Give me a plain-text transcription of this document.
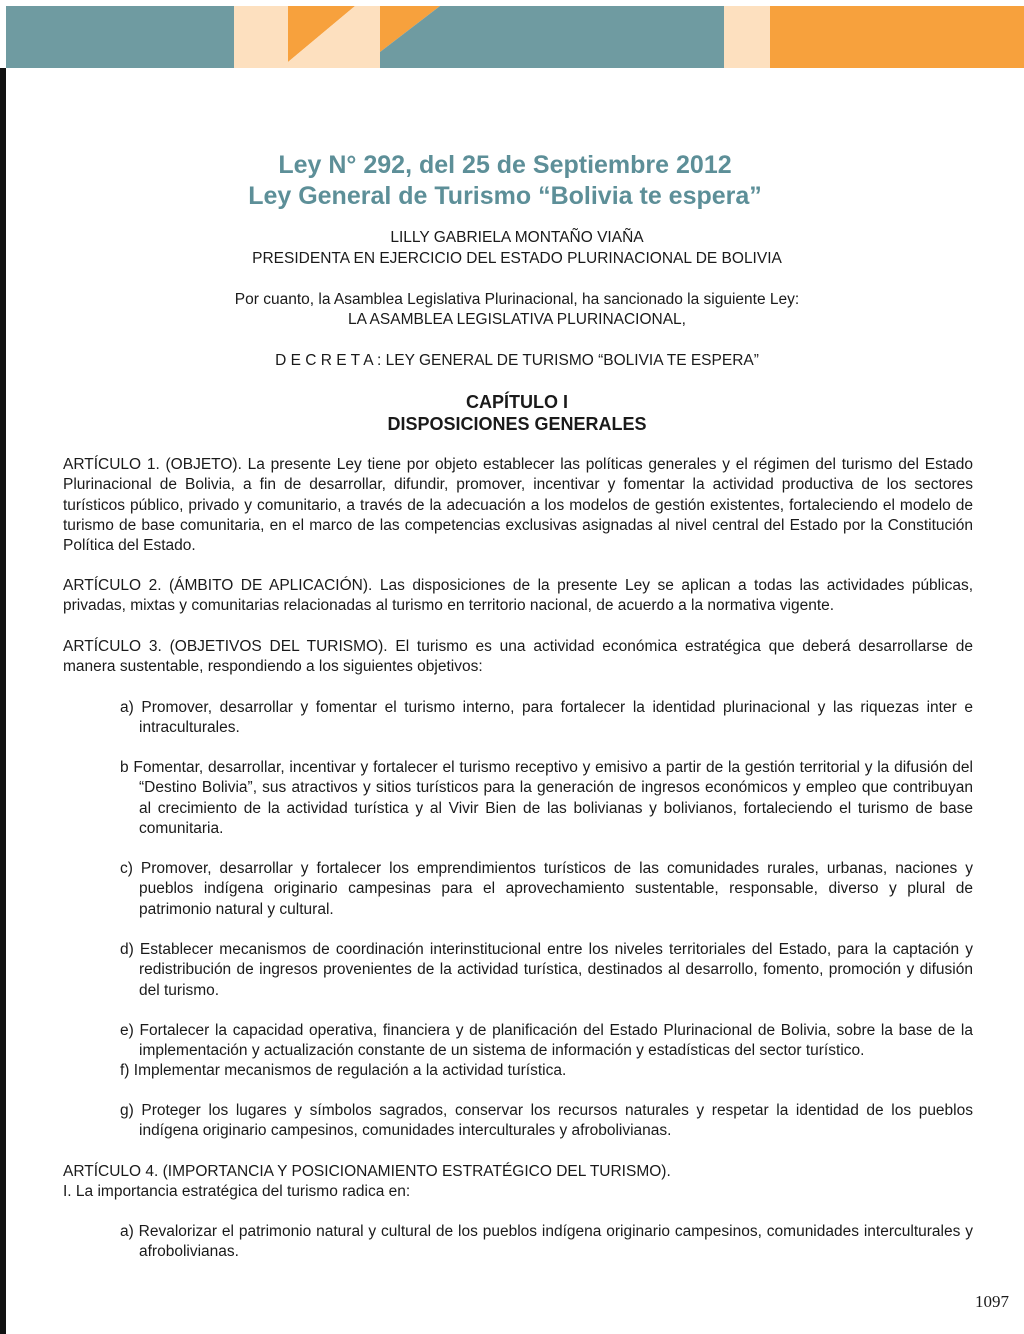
Ley N° 292, del 25 de Septiembre 2012
Ley General de Turismo “Bolivia te espera”
LILLY GABRIELA MONTAÑO VIAÑA
PRESIDENTA EN EJERCICIO DEL ESTADO PLURINACIONAL DE BOLIVIA
Por cuanto, la Asamblea Legislativa Plurinacional, ha sancionado la siguiente Ley:
LA ASAMBLEA LEGISLATIVA PLURINACIONAL,
D E C R E T A : LEY GENERAL DE TURISMO “BOLIVIA TE ESPERA”
CAPÍTULO I
DISPOSICIONES GENERALES
ARTÍCULO 1. (OBJETO). La presente Ley tiene por objeto establecer las políticas generales y el régimen del turismo del Estado Plurinacional de Bolivia, a fin de desarrollar, difundir, promover, incentivar y fomentar la actividad productiva de los sectores turísticos público, privado y comunitario, a través de la adecuación a los modelos de gestión existentes, fortaleciendo el modelo de turismo de base comunitaria, en el marco de las competencias exclusivas asignadas al nivel central del Estado por la Constitución Política del Estado.
ARTÍCULO 2. (ÁMBITO DE APLICACIÓN). Las disposiciones de la presente Ley se aplican a todas las actividades públicas, privadas, mixtas y comunitarias relacionadas al turismo en territorio nacional, de acuerdo a la normativa vigente.
ARTÍCULO 3. (OBJETIVOS DEL TURISMO). El turismo es una actividad económica estratégica que deberá desarrollarse de manera sustentable, respondiendo a los siguientes objetivos:
a) Promover, desarrollar y fomentar el turismo interno, para fortalecer la identidad plurinacional y las riquezas inter e intraculturales.
b Fomentar, desarrollar, incentivar y fortalecer el turismo receptivo y emisivo a partir de la gestión territorial y la difusión del “Destino Bolivia”, sus atractivos y sitios turísticos para la generación de ingresos económicos y empleo que contribuyan al crecimiento de la actividad turística y al Vivir Bien de las bolivianas y bolivianos, fortaleciendo el turismo de base comunitaria.
c) Promover, desarrollar y fortalecer los emprendimientos turísticos de las comunidades rurales, urbanas, naciones y pueblos indígena originario campesinas para el aprovechamiento sustentable, responsable, diverso y plural de patrimonio natural y cultural.
d) Establecer mecanismos de coordinación interinstitucional entre los niveles territoriales del Estado, para la captación y redistribución de ingresos provenientes de la actividad turística, destinados al desarrollo, fomento, promoción y difusión del turismo.
e) Fortalecer la capacidad operativa, financiera y de planificación del Estado Plurinacional de Bolivia, sobre la base de la implementación y actualización constante de un sistema de información y estadísticas del sector turístico.
f) Implementar mecanismos de regulación a la actividad turística.
g) Proteger los lugares y símbolos sagrados, conservar los recursos naturales y respetar la identidad de los pueblos indígena originario campesinos, comunidades interculturales y afrobolivianas.
ARTÍCULO 4. (IMPORTANCIA Y POSICIONAMIENTO ESTRATÉGICO DEL TURISMO).
I. La importancia estratégica del turismo radica en:
a) Revalorizar el patrimonio natural y cultural de los pueblos indígena originario campesinos, comunidades interculturales y afrobolivianas.
1097
